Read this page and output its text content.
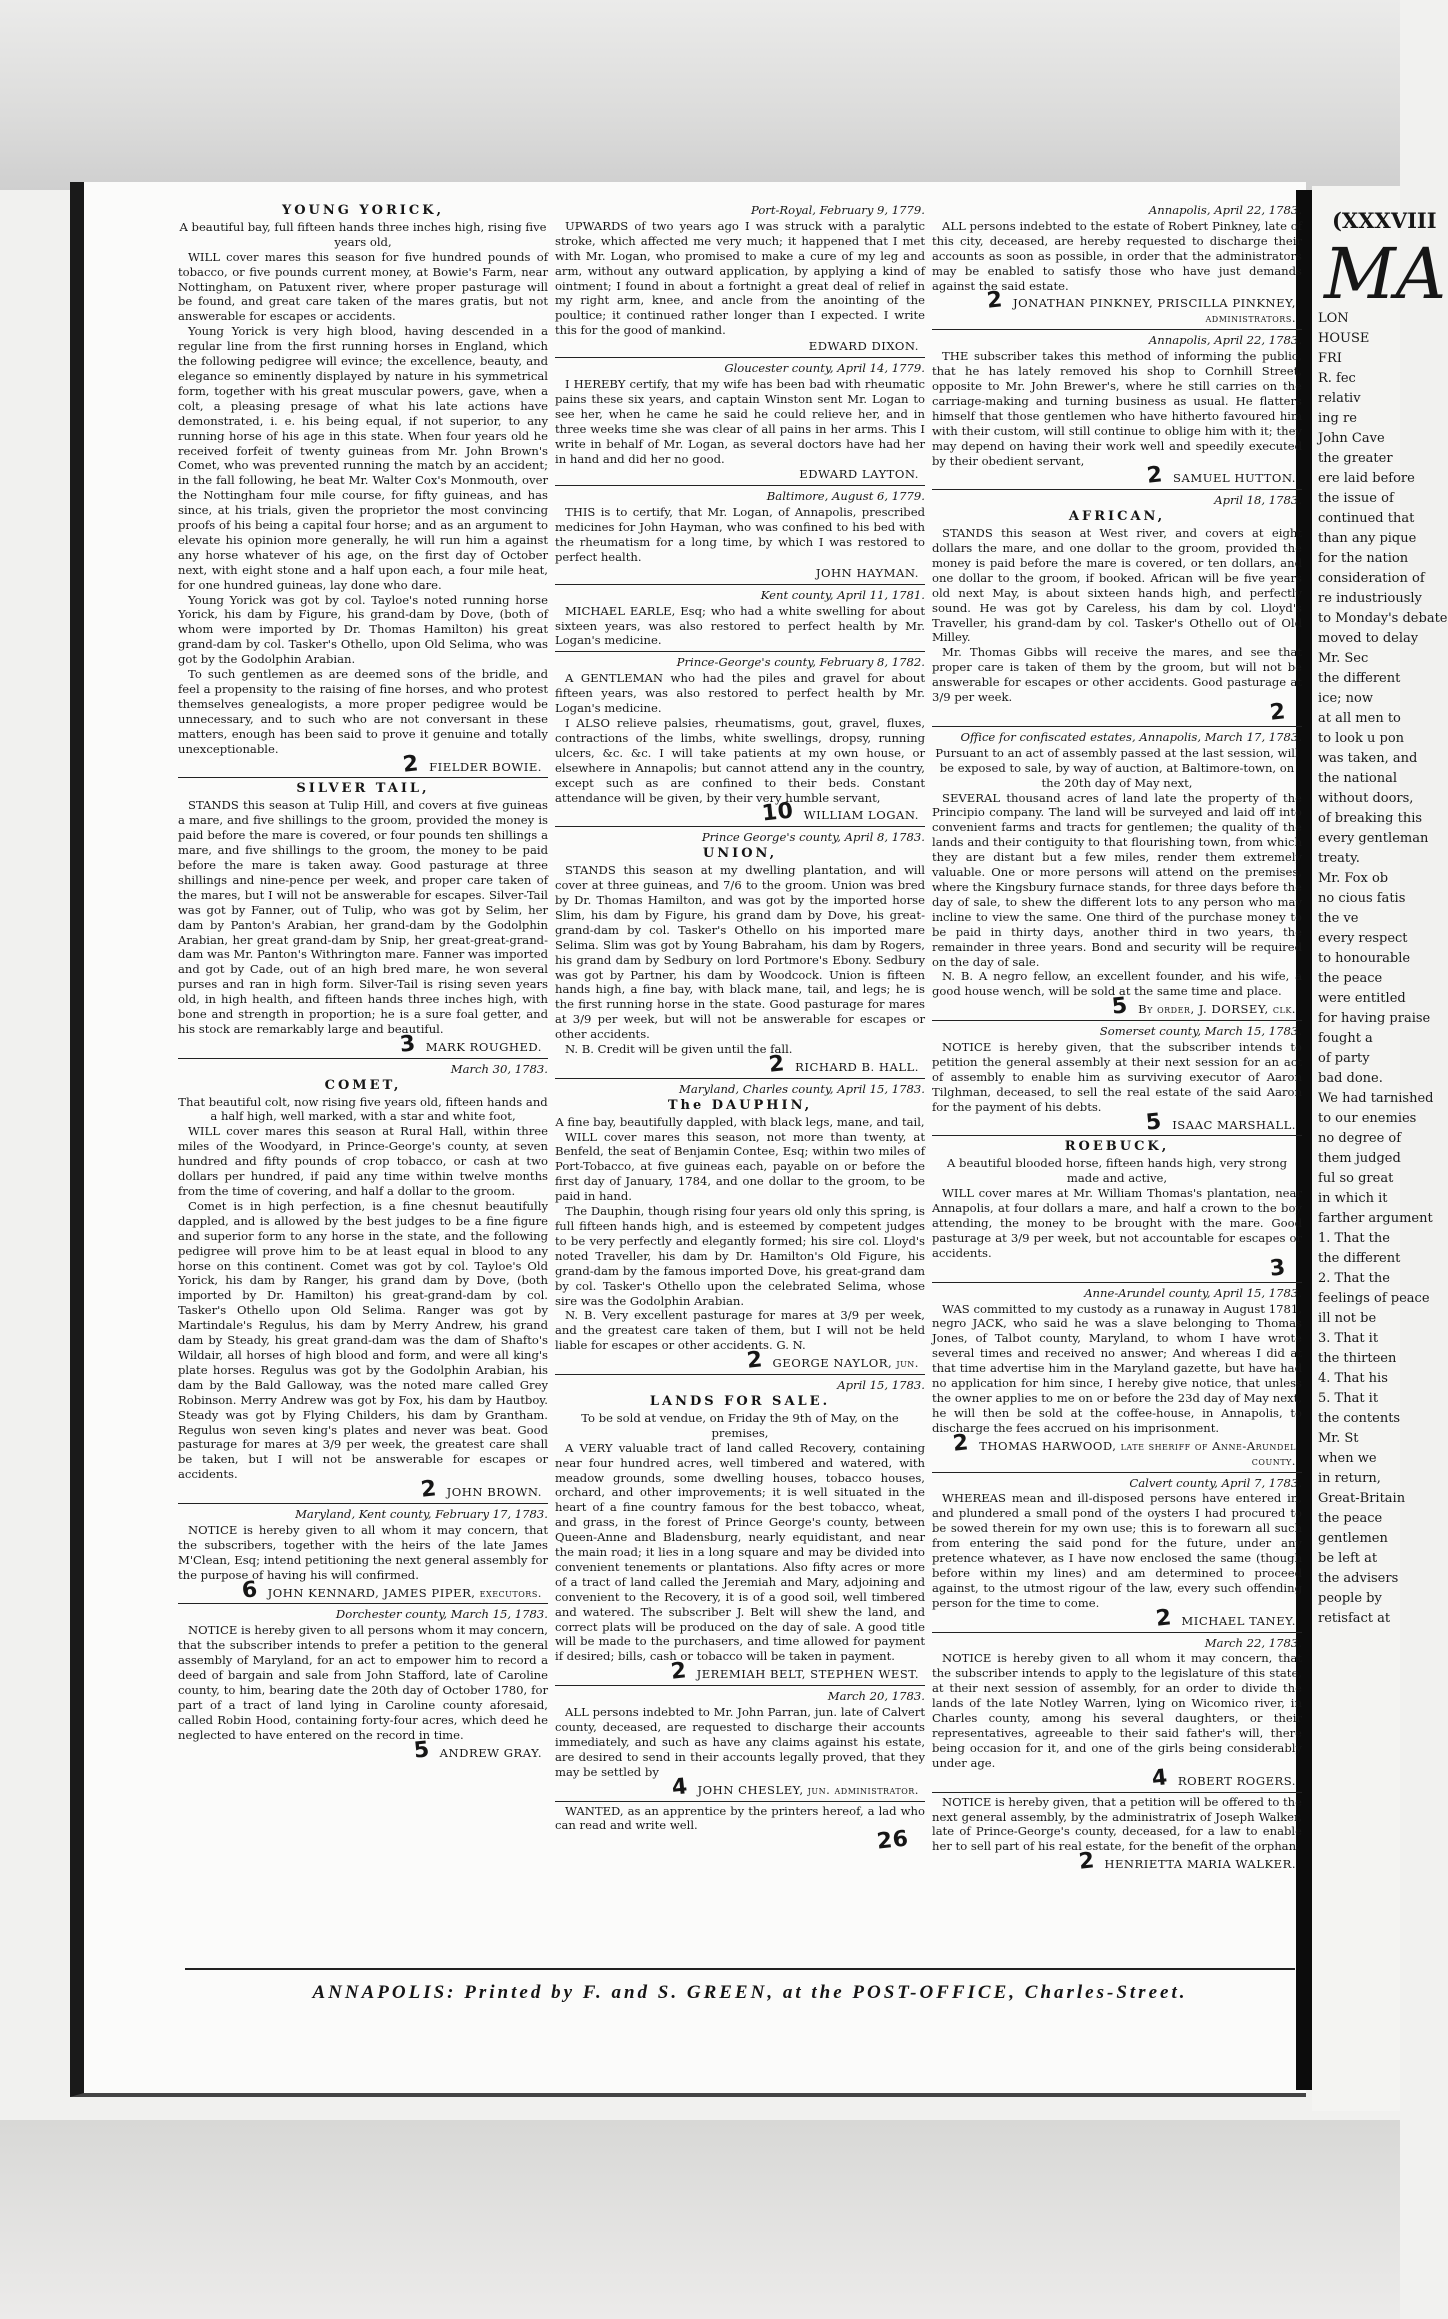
(XXXVIII
MA
LON
HOUSE
FRI
R. fec
relativ
ing re
John Cave
the greater
ere laid before
the issue of
continued that
than any pique
for the nation
consideration of
re industriously
to Monday's debate
moved to delay
Mr. Sec
the different
ice; now
at all men to
to look u pon
was taken, and
the national
without doors,
of breaking this
every gentleman
treaty.
Mr. Fox ob
no cious fatis
the ve
every respect
to honourable
the peace
were entitled
for having praise
fought a
of party
bad done.
We had tarnished
to our enemies
no degree of
them judged
ful so great
in which it
farther argument
1. That the
the different
2. That the
feelings of peace
ill not be
3. That it
the thirteen
4. That his
5. That it
the contents
Mr. St
when we
in return,
Great-Britain
the peace
gentlemen
be left at
the advisers
people by
retisfact at
YOUNG YORICK,
A beautiful bay, full fifteen hands three inches high, rising five years old,

WILL cover mares this season for five hundred pounds of tobacco, or five pounds current money, at Bowie's Farm, near Nottingham, on Patuxent river, where proper pasturage will be found, and great care taken of the mares gratis, but not answerable for escapes or accidents.

Young Yorick is very high blood, having descended in a regular line from the first running horses in England, which the following pedigree will evince; the excellence, beauty, and elegance so eminently displayed by nature in his symmetrical form, together with his great muscular powers, gave, when a colt, a pleasing presage of what his late actions have demonstrated, i. e. his being equal, if not superior, to any running horse of his age in this state. When four years old he received forfeit of twenty guineas from Mr. John Brown's Comet, who was prevented running the match by an accident; in the fall following, he beat Mr. Walter Cox's Monmouth, over the Nottingham four mile course, for fifty guineas, and has since, at his trials, given the proprietor the most convincing proofs of his being a capital four horse; and as an argument to elevate his opinion more generally, he will run him a against any horse whatever of his age, on the first day of October next, with eight stone and a half upon each, a four mile heat, for one hundred guineas, lay done who dare.

Young Yorick was got by col. Tayloe's noted running horse Yorick, his dam by Figure, his grand-dam by Dove, (both of whom were imported by Dr. Thomas Hamilton) his great grand-dam by col. Tasker's Othello, upon Old Selima, who was got by the Godolphin Arabian.

To such gentlemen as are deemed sons of the bridle, and feel a propensity to the raising of fine horses, and who protest themselves genealogists, a more proper pedigree would be unnecessary, and to such who are not conversant in these matters, enough has been said to prove it genuine and totally unexceptionable.

2 FIELDER BOWIE.
SILVER TAIL,

STANDS this season at Tulip Hill, and covers at five guineas a mare, and five shillings to the groom, provided the money is paid before the mare is covered, or four pounds ten shillings a mare, and five shillings to the groom, the money to be paid before the mare is taken away. Good pasturage at three shillings and nine-pence per week, and proper care taken of the mares, but I will not be answerable for escapes. Silver-Tail was got by Fanner, out of Tulip, who was got by Selim, her dam by Panton's Arabian, her grand-dam by the Godolphin Arabian, her great grand-dam by Snip, her great-great-grand-dam was Mr. Panton's Withrington mare. Fanner was imported and got by Cade, out of an high bred mare, he won several purses and ran in high form. Silver-Tail is rising seven years old, in high health, and fifteen hands three inches high, with bone and strength in proportion; he is a sure foal getter, and his stock are remarkably large and beautiful.

3 MARK ROUGHED.
March 30, 1783.
COMET,
That beautiful colt, now rising five years old, fifteen hands and a half high, well marked, with a star and white foot,

WILL cover mares this season at Rural Hall, within three miles of the Woodyard, in Prince-George's county, at seven hundred and fifty pounds of crop tobacco, or cash at two dollars per hundred, if paid any time within twelve months from the time of covering, and half a dollar to the groom.

Comet is in high perfection, is a fine chesnut beautifully dappled, and is allowed by the best judges to be a fine figure and superior form to any horse in the state, and the following pedigree will prove him to be at least equal in blood to any horse on this continent. Comet was got by col. Tayloe's Old Yorick, his dam by Ranger, his grand dam by Dove, (both imported by Dr. Hamilton) his great-grand-dam by col. Tasker's Othello upon Old Selima. Ranger was got by Martindale's Regulus, his dam by Merry Andrew, his grand dam by Steady, his great grand-dam was the dam of Shafto's Wildair, all horses of high blood and form, and were all king's plate horses. Regulus was got by the Godolphin Arabian, his dam by the Bald Galloway, was the noted mare called Grey Robinson. Merry Andrew was got by Fox, his dam by Hautboy. Steady was got by Flying Childers, his dam by Grantham. Regulus won seven king's plates and never was beat. Good pasturage for mares at 3/9 per week, the greatest care shall be taken, but I will not be answerable for escapes or accidents.

2 JOHN BROWN.
Maryland, Kent county, February 17, 1783.

NOTICE is hereby given to all whom it may concern, that the subscribers, together with the heirs of the late James M'Clean, Esq; intend petitioning the next general assembly for the purpose of having his will confirmed.

6 JOHN KENNARD, JAMES PIPER, executors.
Dorchester county, March 15, 1783.

NOTICE is hereby given to all persons whom it may concern, that the subscriber intends to prefer a petition to the general assembly of Maryland, for an act to empower him to record a deed of bargain and sale from John Stafford, late of Caroline county, to him, bearing date the 20th day of October 1780, for part of a tract of land lying in Caroline county aforesaid, called Robin Hood, containing forty-four acres, which deed he neglected to have entered on the record in time.

5 ANDREW GRAY.
Port-Royal, February 9, 1779.

UPWARDS of two years ago I was struck with a paralytic stroke, which affected me very much; it happened that I met with Mr. Logan, who promised to make a cure of my leg and arm, without any outward application, by applying a kind of ointment; I found in about a fortnight a great deal of relief in my right arm, knee, and ancle from the anointing of the poultice; it continued rather longer than I expected. I write this for the good of mankind.

EDWARD DIXON.
Gloucester county, April 14, 1779.

I HEREBY certify, that my wife has been bad with rheumatic pains these six years, and captain Winston sent Mr. Logan to see her, when he came he said he could relieve her, and in three weeks time she was clear of all pains in her arms. This I write in behalf of Mr. Logan, as several doctors have had her in hand and did her no good.

EDWARD LAYTON.
Baltimore, August 6, 1779.

THIS is to certify, that Mr. Logan, of Annapolis, prescribed medicines for John Hayman, who was confined to his bed with the rheumatism for a long time, by which I was restored to perfect health.

JOHN HAYMAN.
Kent county, April 11, 1781.

MICHAEL EARLE, Esq; who had a white swelling for about sixteen years, was also restored to perfect health by Mr. Logan's medicine.

Prince-George's county, February 8, 1782.

A GENTLEMAN who had the piles and gravel for about fifteen years, was also restored to perfect health by Mr. Logan's medicine.

I ALSO relieve palsies, rheumatisms, gout, gravel, fluxes, contractions of the limbs, white swellings, dropsy, running ulcers, &c. &c. I will take patients at my own house, or elsewhere in Annapolis; but cannot attend any in the country, except such as are confined to their beds. Constant attendance will be given, by their very humble servant,

10 WILLIAM LOGAN.
Prince George's county, April 8, 1783.
UNION,

STANDS this season at my dwelling plantation, and will cover at three guineas, and 7/6 to the groom. Union was bred by Dr. Thomas Hamilton, and was got by the imported horse Slim, his dam by Figure, his grand dam by Dove, his great-grand-dam by col. Tasker's Othello on his imported mare Selima. Slim was got by Young Babraham, his dam by Rogers, his grand dam by Sedbury on lord Portmore's Ebony. Sedbury was got by Partner, his dam by Woodcock. Union is fifteen hands high, a fine bay, with black mane, tail, and legs; he is the first running horse in the state. Good pasturage for mares at 3/9 per week, but will not be answerable for escapes or other accidents.

N. B. Credit will be given until the fall.

2 RICHARD B. HALL.
Maryland, Charles county, April 15, 1783.
The DAUPHIN,
A fine bay, beautifully dappled, with black legs, mane, and tail,

WILL cover mares this season, not more than twenty, at Benfeld, the seat of Benjamin Contee, Esq; within two miles of Port-Tobacco, at five guineas each, payable on or before the first day of January, 1784, and one dollar to the groom, to be paid in hand.

The Dauphin, though rising four years old only this spring, is full fifteen hands high, and is esteemed by competent judges to be very perfectly and elegantly formed; his sire col. Lloyd's noted Traveller, his dam by Dr. Hamilton's Old Figure, his grand-dam by the famous imported Dove, his great-grand dam by col. Tasker's Othello upon the celebrated Selima, whose sire was the Godolphin Arabian.

N. B. Very excellent pasturage for mares at 3/9 per week, and the greatest care taken of them, but I will not be held liable for escapes or other accidents. G. N.

2 GEORGE NAYLOR, jun.
April 15, 1783.
LANDS FOR SALE.
To be sold at vendue, on Friday the 9th of May, on the premises,

A VERY valuable tract of land called Recovery, containing near four hundred acres, well timbered and watered, with meadow grounds, some dwelling houses, tobacco houses, orchard, and other improvements; it is well situated in the heart of a fine country famous for the best tobacco, wheat, and grass, in the forest of Prince George's county, between Queen-Anne and Bladensburg, nearly equidistant, and near the main road; it lies in a long square and may be divided into convenient tenements or plantations. Also fifty acres or more of a tract of land called the Jeremiah and Mary, adjoining and convenient to the Recovery, it is of a good soil, well timbered and watered. The subscriber J. Belt will shew the land, and correct plats will be produced on the day of sale. A good title will be made to the purchasers, and time allowed for payment if desired; bills, cash or tobacco will be taken in payment.

2 JEREMIAH BELT, STEPHEN WEST.
March 20, 1783.

ALL persons indebted to Mr. John Parran, jun. late of Calvert county, deceased, are requested to discharge their accounts immediately, and such as have any claims against his estate, are desired to send in their accounts legally proved, that they may be settled by

4 JOHN CHESLEY, jun. administrator.

WANTED, as an apprentice by the printers hereof, a lad who can read and write well.

26
Annapolis, April 22, 1783.

ALL persons indebted to the estate of Robert Pinkney, late of this city, deceased, are hereby requested to discharge their accounts as soon as possible, in order that the administrators may be enabled to satisfy those who have just demands against the said estate.

2 JONATHAN PINKNEY, PRISCILLA PINKNEY, administrators.
Annapolis, April 22, 1783.

THE subscriber takes this method of informing the public, that he has lately removed his shop to Cornhill Street, opposite to Mr. John Brewer's, where he still carries on the carriage-making and turning business as usual. He flatters himself that those gentlemen who have hitherto favoured him with their custom, will still continue to oblige him with it; they may depend on having their work well and speedily executed by their obedient servant,

2 SAMUEL HUTTON.
April 18, 1783.
AFRICAN,

STANDS this season at West river, and covers at eight dollars the mare, and one dollar to the groom, provided the money is paid before the mare is covered, or ten dollars, and one dollar to the groom, if booked. African will be five years old next May, is about sixteen hands high, and perfectly sound. He was got by Careless, his dam by col. Lloyd's Traveller, his grand-dam by col. Tasker's Othello out of Old Milley.

Mr. Thomas Gibbs will receive the mares, and see that proper care is taken of them by the groom, but will not be answerable for escapes or other accidents. Good pasturage at 3/9 per week.

2
Office for confiscated estates, Annapolis, March 17, 1783.
Pursuant to an act of assembly passed at the last session, will be exposed to sale, by way of auction, at Baltimore-town, on the 20th day of May next,

SEVERAL thousand acres of land late the property of the Principio company. The land will be surveyed and laid off into convenient farms and tracts for gentlemen; the quality of the lands and their contiguity to that flourishing town, from which they are distant but a few miles, render them extremely valuable. One or more persons will attend on the premises, where the Kingsbury furnace stands, for three days before the day of sale, to shew the different lots to any person who may incline to view the same. One third of the purchase money to be paid in thirty days, another third in two years, the remainder in three years. Bond and security will be required on the day of sale.

N. B. A negro fellow, an excellent founder, and his wife, a good house wench, will be sold at the same time and place.

5 By order, J. DORSEY, clk.
Somerset county, March 15, 1783.

NOTICE is hereby given, that the subscriber intends to petition the general assembly at their next session for an act of assembly to enable him as surviving executor of Aaron Tilghman, deceased, to sell the real estate of the said Aaron for the payment of his debts.

5 ISAAC MARSHALL.
ROEBUCK,
A beautiful blooded horse, fifteen hands high, very strong made and active,

WILL cover mares at Mr. William Thomas's plantation, near Annapolis, at four dollars a mare, and half a crown to the boy attending, the money to be brought with the mare. Good pasturage at 3/9 per week, but not accountable for escapes or accidents.

3
Anne-Arundel county, April 15, 1783.

WAS committed to my custody as a runaway in August 1781, negro JACK, who said he was a slave belonging to Thomas Jones, of Talbot county, Maryland, to whom I have wrote several times and received no answer; And whereas I did at that time advertise him in the Maryland gazette, but have had no application for him since, I hereby give notice, that unless the owner applies to me on or before the 23d day of May next, he will then be sold at the coffee-house, in Annapolis, to discharge the fees accrued on his imprisonment.

2 THOMAS HARWOOD, late sheriff of Anne-Arundel county.
Calvert county, April 7, 1783.

WHEREAS mean and ill-disposed persons have entered in, and plundered a small pond of the oysters I had procured to be sowed therein for my own use; this is to forewarn all such from entering the said pond for the future, under any pretence whatever, as I have now enclosed the same (though before within my lines) and am determined to proceed against, to the utmost rigour of the law, every such offending person for the time to come.

2 MICHAEL TANEY.
March 22, 1783.

NOTICE is hereby given to all whom it may concern, that the subscriber intends to apply to the legislature of this state, at their next session of assembly, for an order to divide the lands of the late Notley Warren, lying on Wicomico river, in Charles county, among his several daughters, or their representatives, agreeable to their said father's will, there being occasion for it, and one of the girls being considerably under age.

4 ROBERT ROGERS.

NOTICE is hereby given, that a petition will be offered to the next general assembly, by the administratrix of Joseph Walker, late of Prince-George's county, deceased, for a law to enable her to sell part of his real estate, for the benefit of the orphan.

2 HENRIETTA MARIA WALKER.
ANNAPOLIS: Printed by F. and S. GREEN, at the POST-OFFICE, Charles-Street.
